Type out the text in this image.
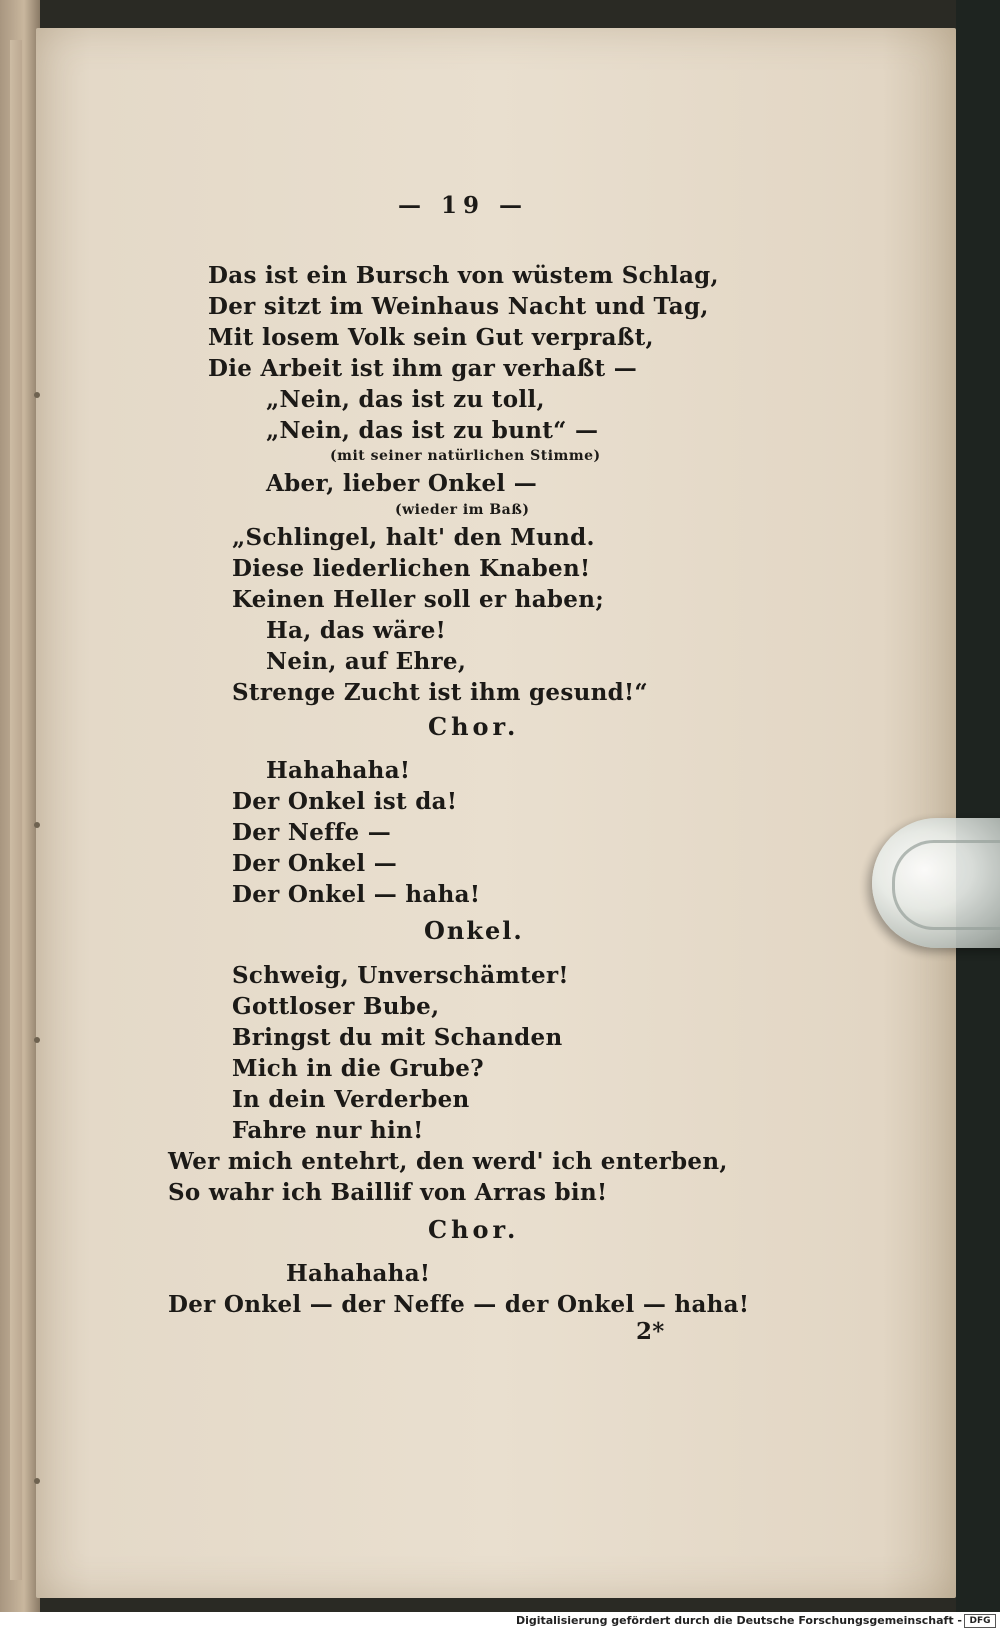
— 19 —
Das ist ein Bursch von wüstem Schlag,
Der sitzt im Weinhaus Nacht und Tag,
Mit losem Volk sein Gut verpraßt,
Die Arbeit ist ihm gar verhaßt —
„Nein, das ist zu toll,
„Nein, das ist zu bunt“ —
(mit seiner natürlichen Stimme)
Aber, lieber Onkel —
(wieder im Baß)
„Schlingel, halt' den Mund.
Diese liederlichen Knaben!
Keinen Heller soll er haben;
Ha, das wäre!
Nein, auf Ehre,
Strenge Zucht ist ihm gesund!“
Chor.
Hahahaha!
Der Onkel ist da!
Der Neffe —
Der Onkel —
Der Onkel — haha!
Onkel.
Schweig, Unverschämter!
Gottloser Bube,
Bringst du mit Schanden
Mich in die Grube?
In dein Verderben
Fahre nur hin!
Wer mich entehrt, den werd' ich enterben,
So wahr ich Baillif von Arras bin!
Chor.
Hahahaha!
Der Onkel — der Neffe — der Onkel — haha!
2*
Digitalisierung gefördert durch die Deutsche Forschungsgemeinschaft - DFG
